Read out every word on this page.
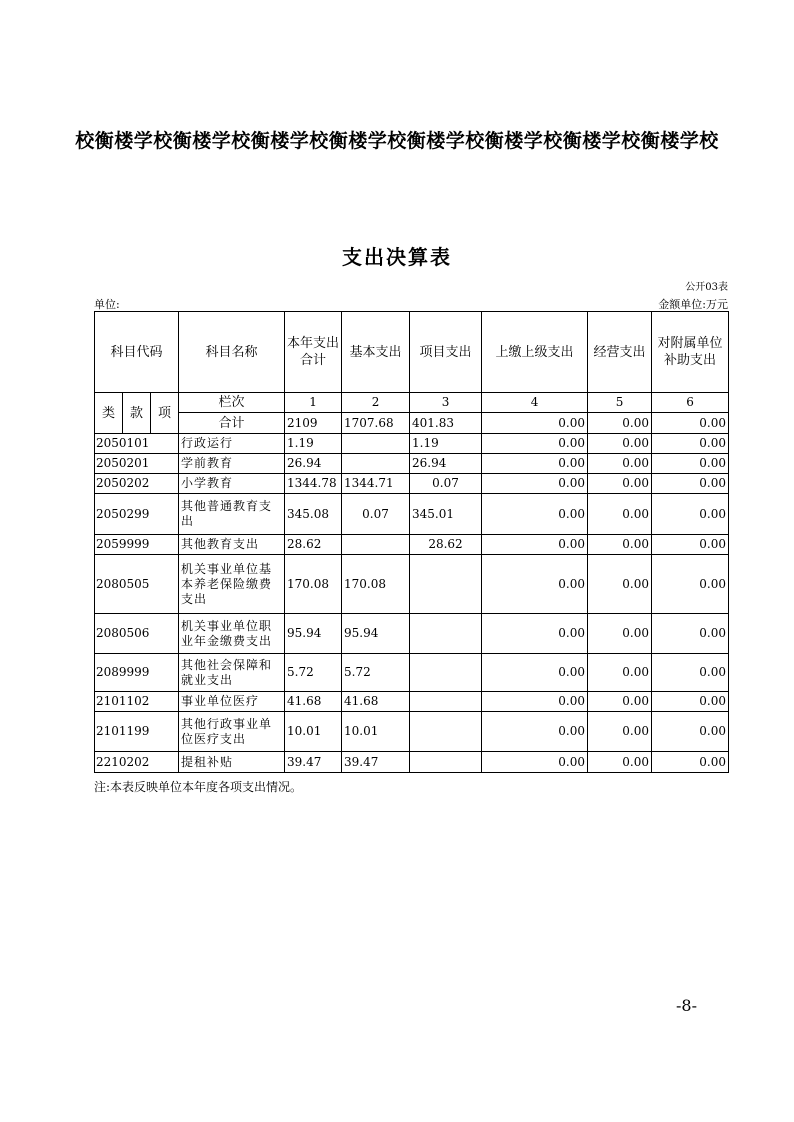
校衡楼学校衡楼学校衡楼学校衡楼学校衡楼学校衡楼学校衡楼学校衡楼学校
支出决算表
公开03表
单位:	金额单位:万元
科目代码			科目名称	本年支出合计	基本支出	项目支出	上缴上级支出	经营支出	对附属单位补助支出
类	款	项	栏次	1	2	3	4	5	6
			合计	2109	1707.68	401.83	0.00	0.00	0.00
2050101			行政运行	1.19		1.19	0.00	0.00	0.00
2050201			学前教育	26.94		26.94	0.00	0.00	0.00
2050202			小学教育	1344.78	1344.71	0.07	0.00	0.00	0.00
2050299			其他普通教育支出	345.08	0.07	345.01	0.00	0.00	0.00
2059999			其他教育支出	28.62		28.62	0.00	0.00	0.00
2080505			机关事业单位基本养老保险缴费支出	170.08	170.08		0.00	0.00	0.00
2080506			机关事业单位职业年金缴费支出	95.94	95.94		0.00	0.00	0.00
2089999			其他社会保障和就业支出	5.72	5.72		0.00	0.00	0.00
2101102			事业单位医疗	41.68	41.68		0.00	0.00	0.00
2101199			其他行政事业单位医疗支出	10.01	10.01		0.00	0.00	0.00
2210202			提租补贴	39.47	39.47		0.00	0.00	0.00
注:本表反映单位本年度各项支出情况。
-8-
